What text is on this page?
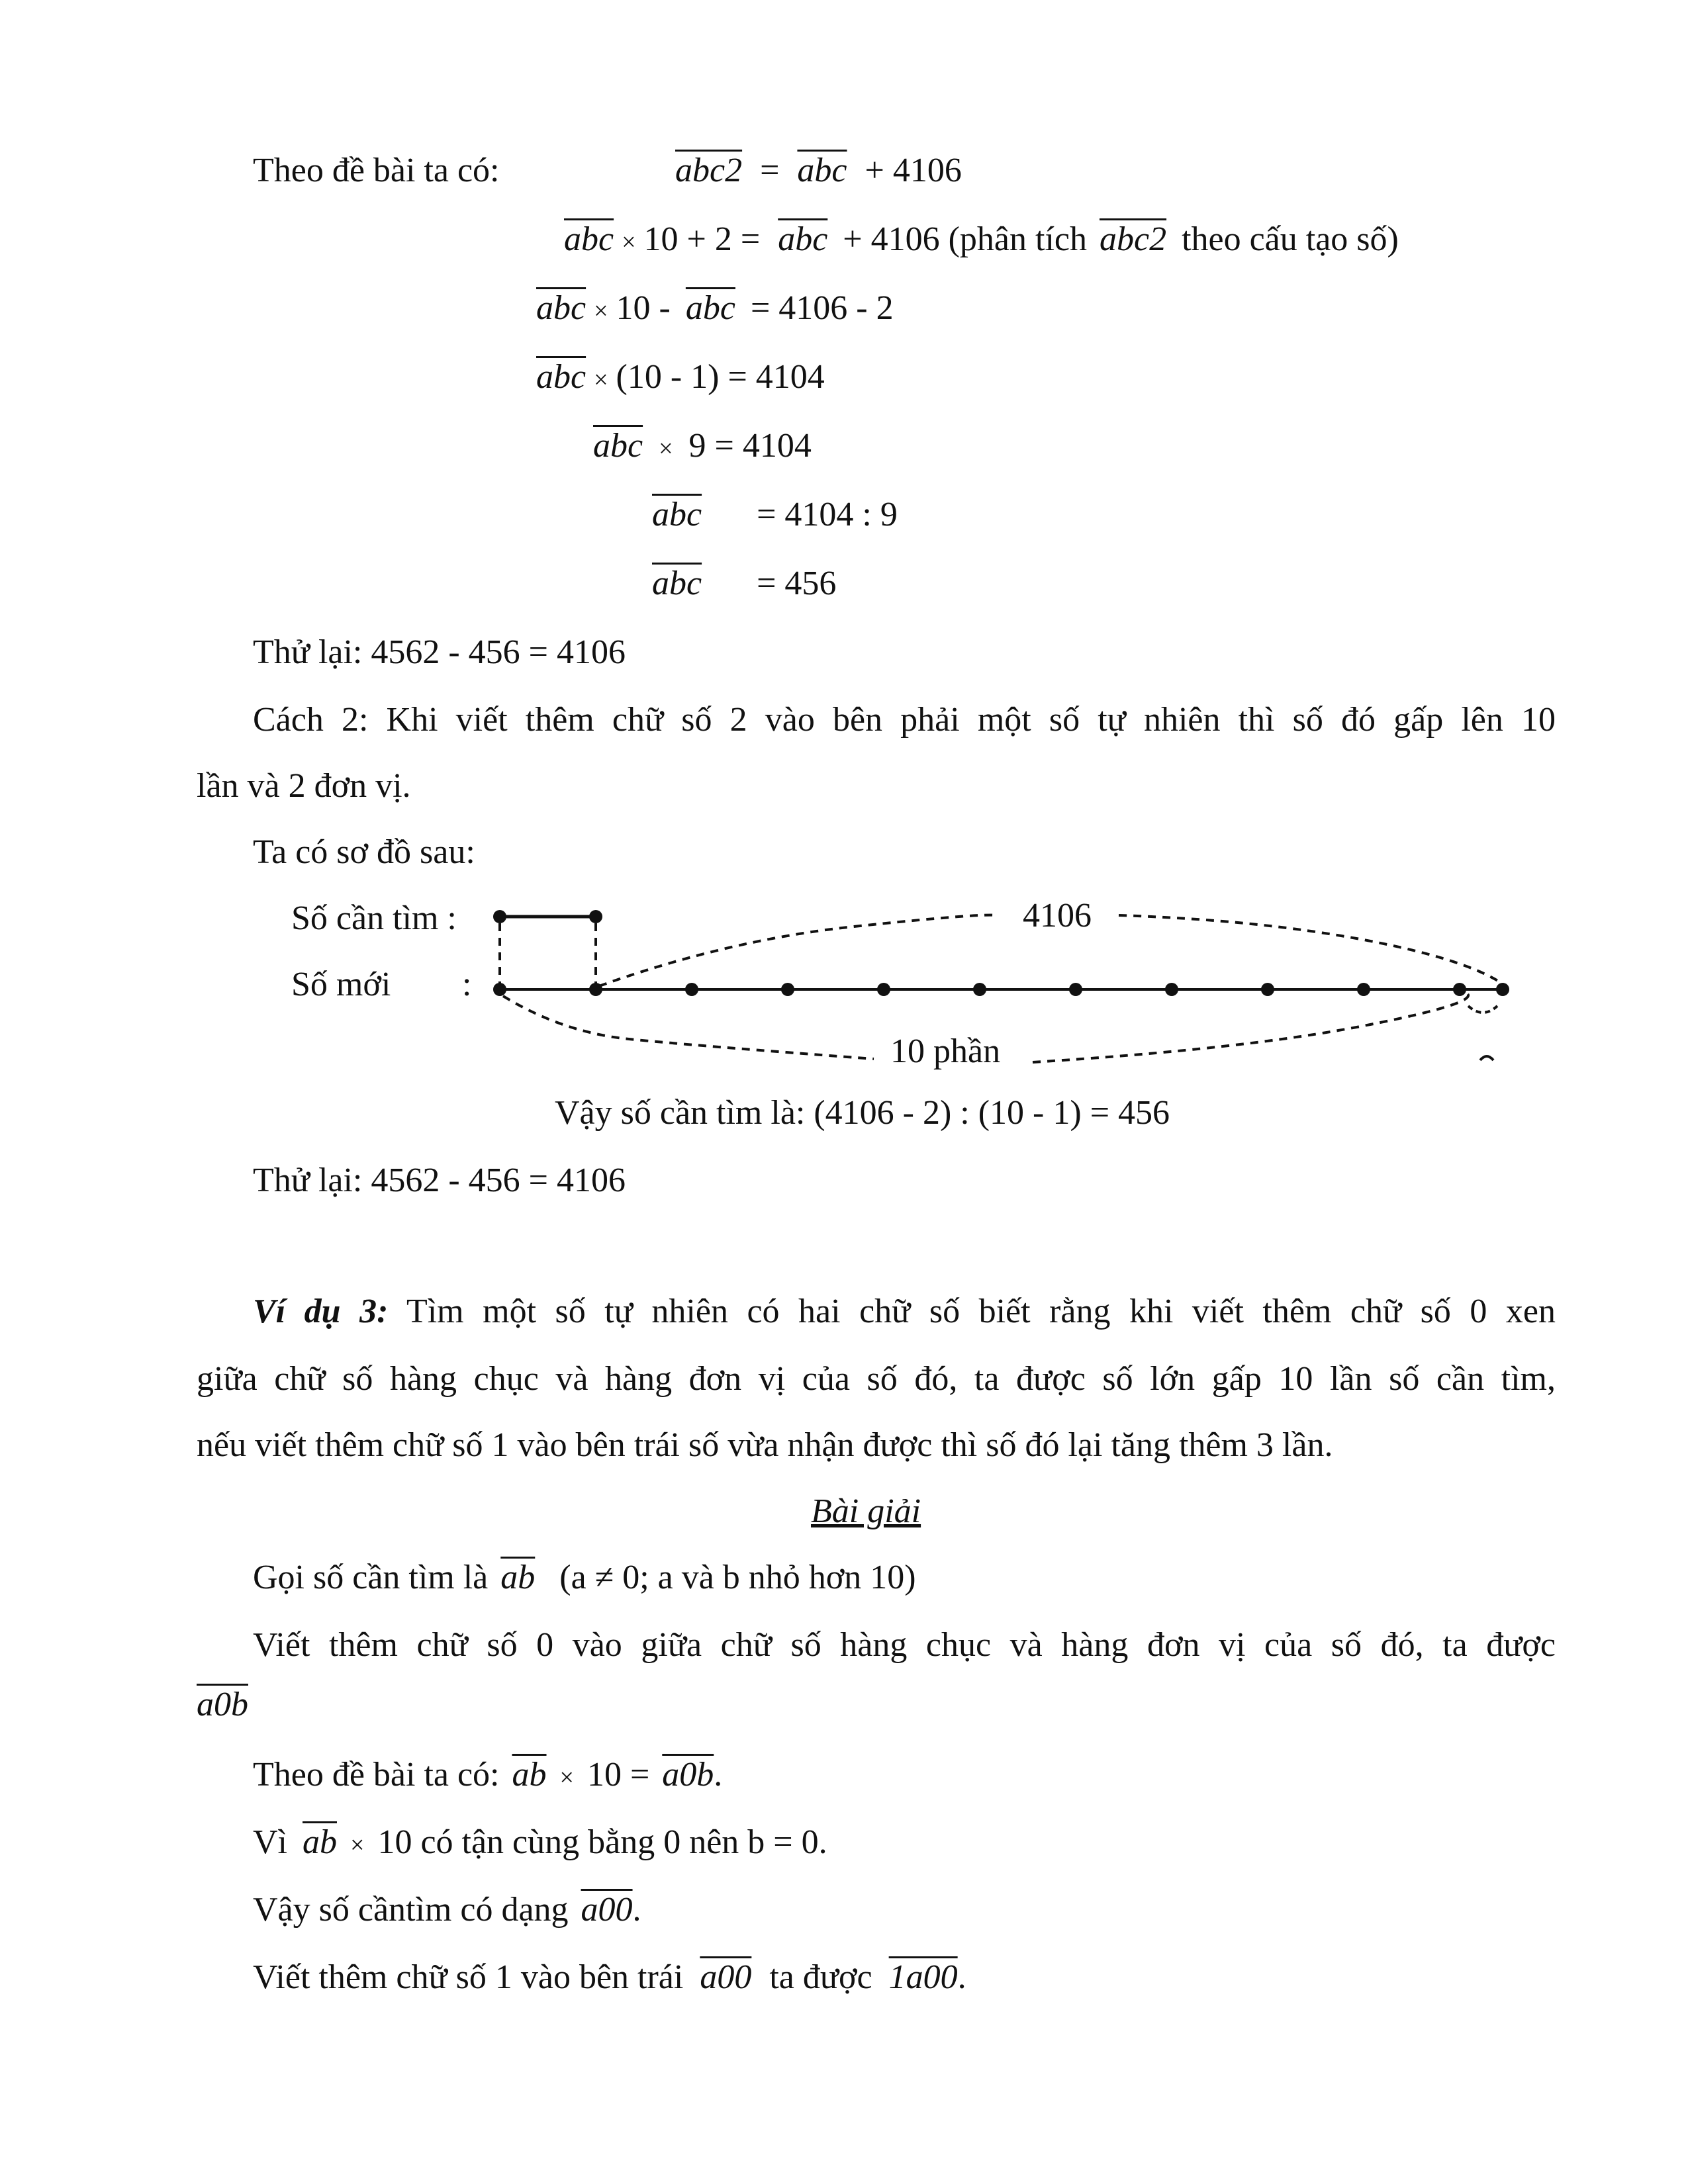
Theo đề bài ta có:	$abc2 = \overline{abc} + 4106$
$\overline{abc} \times 10 + 2 = \overline{abc} + 4106$ (phân tích abc2 theo cấu tạo số)
$\overline{abc} \times 10 - \overline{abc} = 4106 - 2$
$\overline{abc} \times (10 - 1) = 4104$
$\overline{abc} \times 9 = 4104$
$\overline{abc} = 4104$ : 9
$\overline{abc} = 456$
Thử lại: 4562 - 456 = 4106
Cách 2: Khi viết thêm chữ số 2 vào bên phải một số tự nhiên thì số đó gấp lên 10
lần và 2 đơn vị.
Ta có sơ đồ sau:
Số cần tìm :
Số mới :
4106
10 phần
Vậy số cần tìm là: (4106 - 2) : (10 - 1) = 456
Thử lại: 4562 - 456 = 4106
Ví dụ 3: Tìm một số tự nhiên có hai chữ số biết rằng khi viết thêm chữ số 0 xen
giữa chữ số hàng chục và hàng đơn vị của số đó, ta được số lớn gấp 10 lần số cần tìm,
nếu viết thêm chữ số 1 vào bên trái số vừa nhận được thì số đó lại tăng thêm 3 lần.
Bài giải
Gọi số cần tìm là $\overline{ab}$ (a ≠ 0; a và b nhỏ hơn 10)
Viết thêm chữ số 0 vào giữa chữ số hàng chục và hàng đơn vị của số đó, ta được
a0b
Theo đề bài ta có: $\overline{ab} \times 10 = a0b$.
Vì $\overline{ab} \times 10$ có tận cùng bằng 0 nên b = 0.
Vậy số cầntìm có dạng a00.
Viết thêm chữ số 1 vào bên trái a00 ta được 1a00.
